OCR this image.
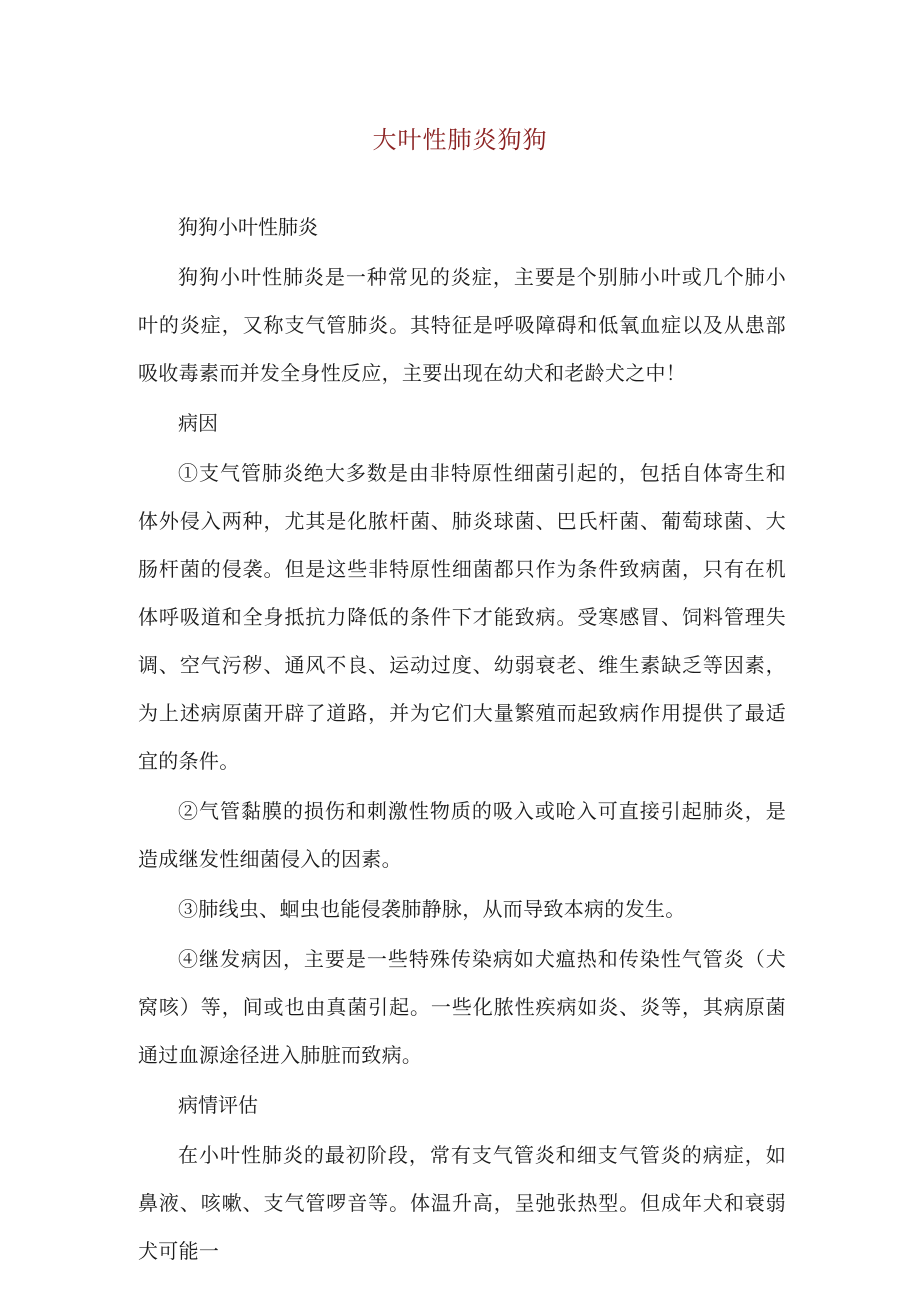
大叶性肺炎狗狗

狗狗小叶性肺炎

狗狗小叶性肺炎是一种常见的炎症，主要是个别肺小叶或几个肺小叶的炎症，又称支气管肺炎。其特征是呼吸障碍和低氧血症以及从患部吸收毒素而并发全身性反应，主要出现在幼犬和老龄犬之中！

病因

①支气管肺炎绝大多数是由非特原性细菌引起的，包括自体寄生和体外侵入两种，尤其是化脓杆菌、肺炎球菌、巴氏杆菌、葡萄球菌、大肠杆菌的侵袭。但是这些非特原性细菌都只作为条件致病菌，只有在机体呼吸道和全身抵抗力降低的条件下才能致病。受寒感冒、饲料管理失调、空气污秽、通风不良、运动过度、幼弱衰老、维生素缺乏等因素，为上述病原菌开辟了道路，并为它们大量繁殖而起致病作用提供了最适宜的条件。

②气管黏膜的损伤和刺激性物质的吸入或呛入可直接引起肺炎，是造成继发性细菌侵入的因素。

③肺线虫、蛔虫也能侵袭肺静脉，从而导致本病的发生。

④继发病因，主要是一些特殊传染病如犬瘟热和传染性气管炎（犬窝咳）等，间或也由真菌引起。一些化脓性疾病如炎、炎等，其病原菌通过血源途径进入肺脏而致病。

病情评估

在小叶性肺炎的最初阶段，常有支气管炎和细支气管炎的病症，如鼻液、咳嗽、支气管啰音等。体温升高，呈弛张热型。但成年犬和衰弱犬可能一
